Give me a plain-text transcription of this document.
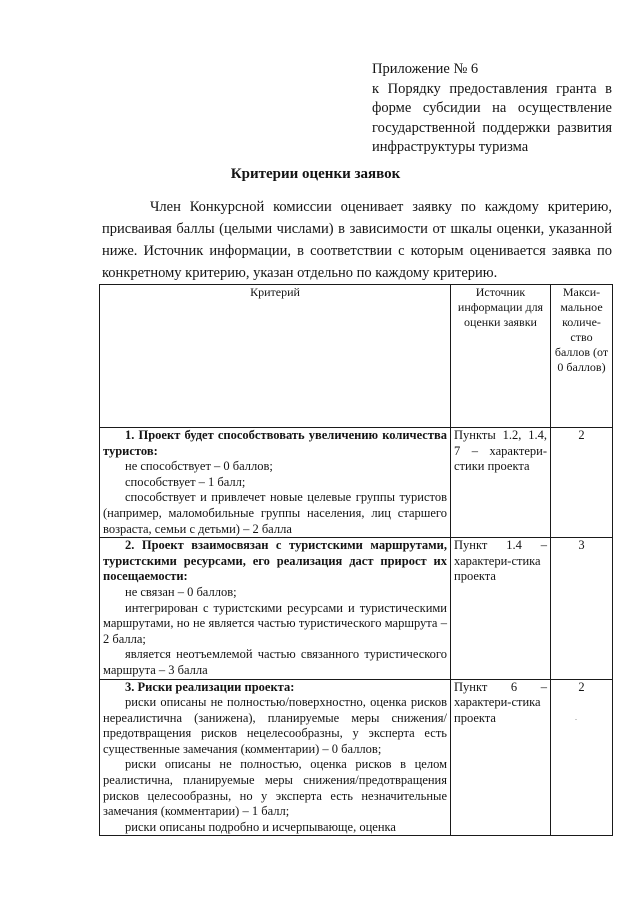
Приложение № 6
к Порядку предоставления гранта в форме субсидии на осуществление государственной поддержки развития инфраструктуры туризма
Критерии оценки заявок
Член Конкурсной комиссии оценивает заявку по каждому критерию, присваивая баллы (целыми числами) в зависимости от шкалы оценки, указанной ниже. Источник информации, в соответствии с которым оценивается заявка по конкретному критерию, указан отдельно по каждому критерию.
Критерий	Источник информации для оценки заявки	Макси-мальное количе-ство баллов (от 0 баллов)

1. Проект будет способствовать увеличению количества туристов:
не способствует – 0 баллов;
способствует – 1 балл;
способствует и привлечет новые целевые группы туристов (например, маломобильные группы населения, лиц старшего возраста, семьи с детьми) – 2 балла	Пункты 1.2, 1.4, 7 – характери-стики проекта	2

2. Проект взаимосвязан с туристскими маршрутами, туристскими ресурсами, его реализация даст прирост их посещаемости:
не связан – 0 баллов;
интегрирован с туристскими ресурсами и туристическими маршрутами, но не является частью туристического маршрута – 2 балла;
является неотъемлемой частью связанного туристического маршрута – 3 балла	Пункт 1.4 – характери-стика проекта	3

3. Риски реализации проекта:
риски описаны не полностью/поверхностно, оценка рисков нереалистична (занижена), планируемые меры снижения/предотвращения рисков нецелесообразны, у эксперта есть существенные замечания (комментарии) – 0 баллов;
риски описаны не полностью, оценка рисков в целом реалистична, планируемые меры снижения/предотвращения рисков целесообразны, но у эксперта есть незначительные замечания (комментарии) – 1 балл;
риски описаны подробно и исчерпывающе, оценка	Пункт 6 – характери-стика проекта	2
.
